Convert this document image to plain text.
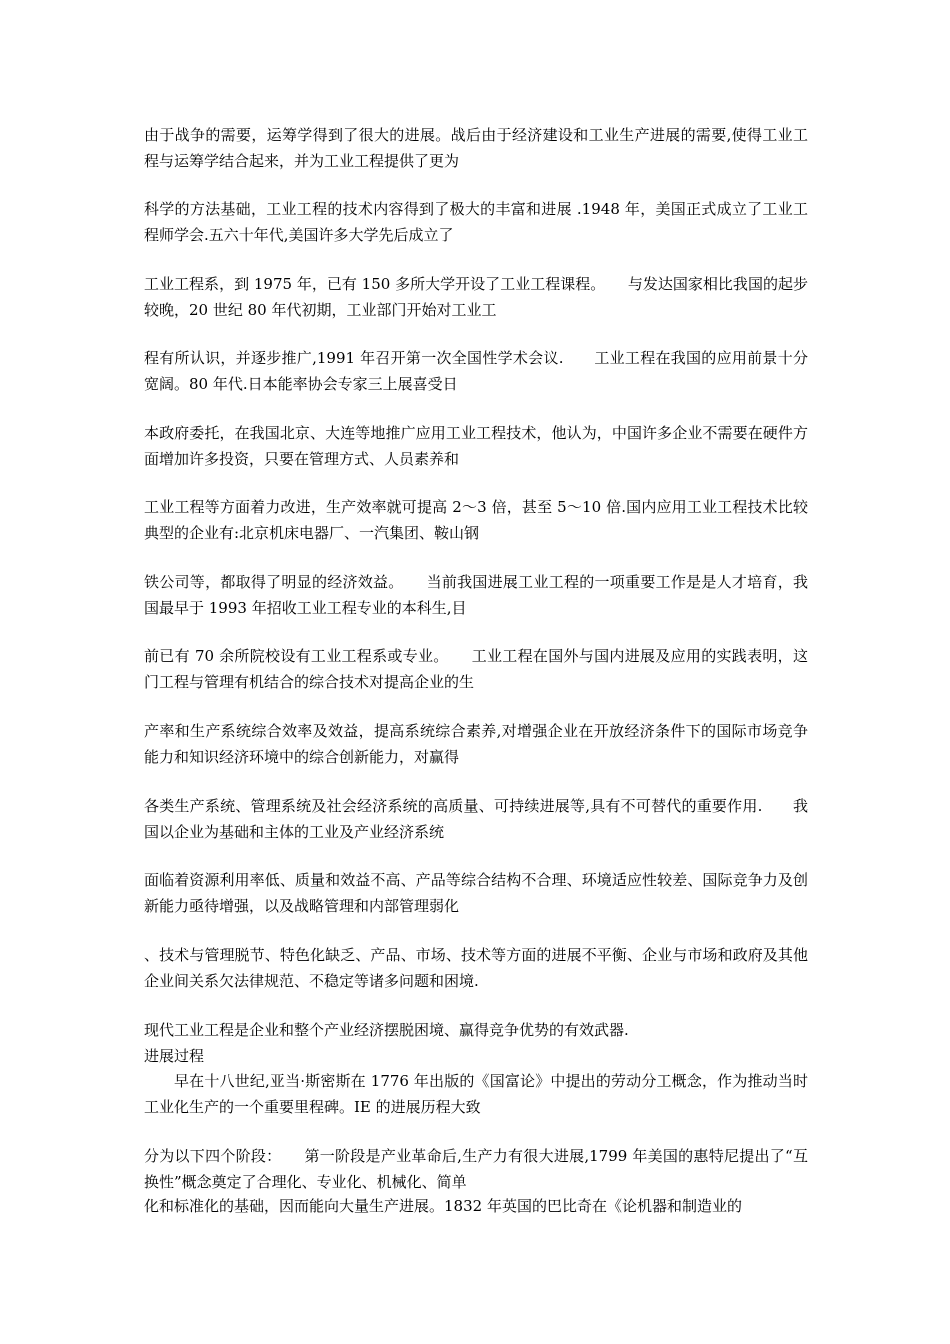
由于战争的需要，运筹学得到了很大的进展。战后由于经济建设和工业生产进展的需要,使得工业工程与运筹学结合起来，并为工业工程提供了更为

科学的方法基础，工业工程的技术内容得到了极大的丰富和进展 .1948 年，美国正式成立了工业工程师学会.五六十年代,美国许多大学先后成立了

工业工程系，到 1975 年，已有 150 多所大学开设了工业工程课程。　　与发达国家相比我国的起步较晚，20 世纪 80 年代初期，工业部门开始对工业工

程有所认识，并逐步推广,1991 年召开第一次全国性学术会议.　　工业工程在我国的应用前景十分宽阔。80 年代.日本能率协会专家三上展喜受日

本政府委托，在我国北京、大连等地推广应用工业工程技术，他认为，中国许多企业不需要在硬件方面增加许多投资，只要在管理方式、人员素养和

工业工程等方面着力改进，生产效率就可提高 2～3 倍，甚至 5～10 倍.国内应用工业工程技术比较典型的企业有:北京机床电器厂、一汽集团、鞍山钢

铁公司等，都取得了明显的经济效益。　　当前我国进展工业工程的一项重要工作是是人才培育，我国最早于 1993 年招收工业工程专业的本科生,目

前已有 70 余所院校设有工业工程系或专业。　　工业工程在国外与国内进展及应用的实践表明，这门工程与管理有机结合的综合技术对提高企业的生

产率和生产系统综合效率及效益，提高系统综合素养,对增强企业在开放经济条件下的国际市场竞争能力和知识经济环境中的综合创新能力，对赢得

各类生产系统、管理系统及社会经济系统的高质量、可持续进展等,具有不可替代的重要作用.　　我国以企业为基础和主体的工业及产业经济系统

面临着资源利用率低、质量和效益不高、产品等综合结构不合理、环境适应性较差、国际竞争力及创新能力亟待增强，以及战略管理和内部管理弱化

、技术与管理脱节、特色化缺乏、产品、市场、技术等方面的进展不平衡、企业与市场和政府及其他企业间关系欠法律规范、不稳定等诸多问题和困境.

现代工业工程是企业和整个产业经济摆脱困境、赢得竞争优势的有效武器.

进展过程

早在十八世纪,亚当·斯密斯在 1776 年出版的《国富论》中提出的劳动分工概念，作为推动当时工业化生产的一个重要里程碑。IE 的进展历程大致

分为以下四个阶段：　　第一阶段是产业革命后,生产力有很大进展,1799 年美国的惠特尼提出了“互换性”概念奠定了合理化、专业化、机械化、简单

化和标准化的基础，因而能向大量生产进展。1832 年英国的巴比奇在《论机器和制造业的
